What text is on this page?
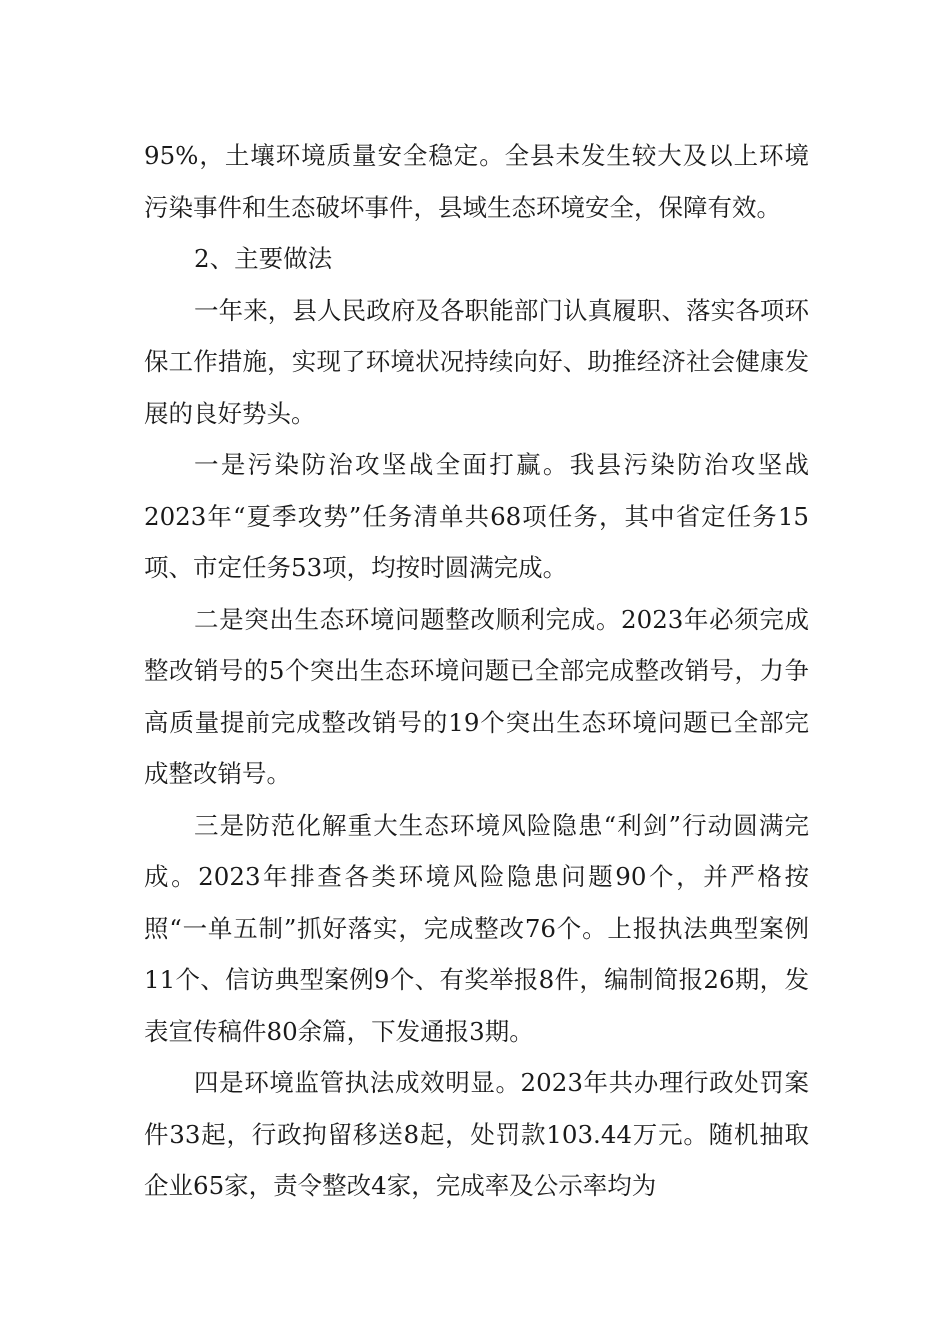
95%，土壤环境质量安全稳定。全县未发生较大及以上环境污染事件和生态破坏事件，县域生态环境安全，保障有效。

2、主要做法

一年来，县人民政府及各职能部门认真履职、落实各项环保工作措施，实现了环境状况持续向好、助推经济社会健康发展的良好势头。

一是污染防治攻坚战全面打赢。我县污染防治攻坚战2023年“夏季攻势”任务清单共68项任务，其中省定任务15项、市定任务53项，均按时圆满完成。

二是突出生态环境问题整改顺利完成。2023年必须完成整改销号的5个突出生态环境问题已全部完成整改销号，力争高质量提前完成整改销号的19个突出生态环境问题已全部完成整改销号。

三是防范化解重大生态环境风险隐患“利剑”行动圆满完成。2023年排查各类环境风险隐患问题90个，并严格按照“一单五制”抓好落实，完成整改76个。上报执法典型案例11个、信访典型案例9个、有奖举报8件，编制简报26期，发表宣传稿件80余篇，下发通报3期。

四是环境监管执法成效明显。2023年共办理行政处罚案件33起，行政拘留移送8起，处罚款103.44万元。随机抽取企业65家，责令整改4家，完成率及公示率均为
